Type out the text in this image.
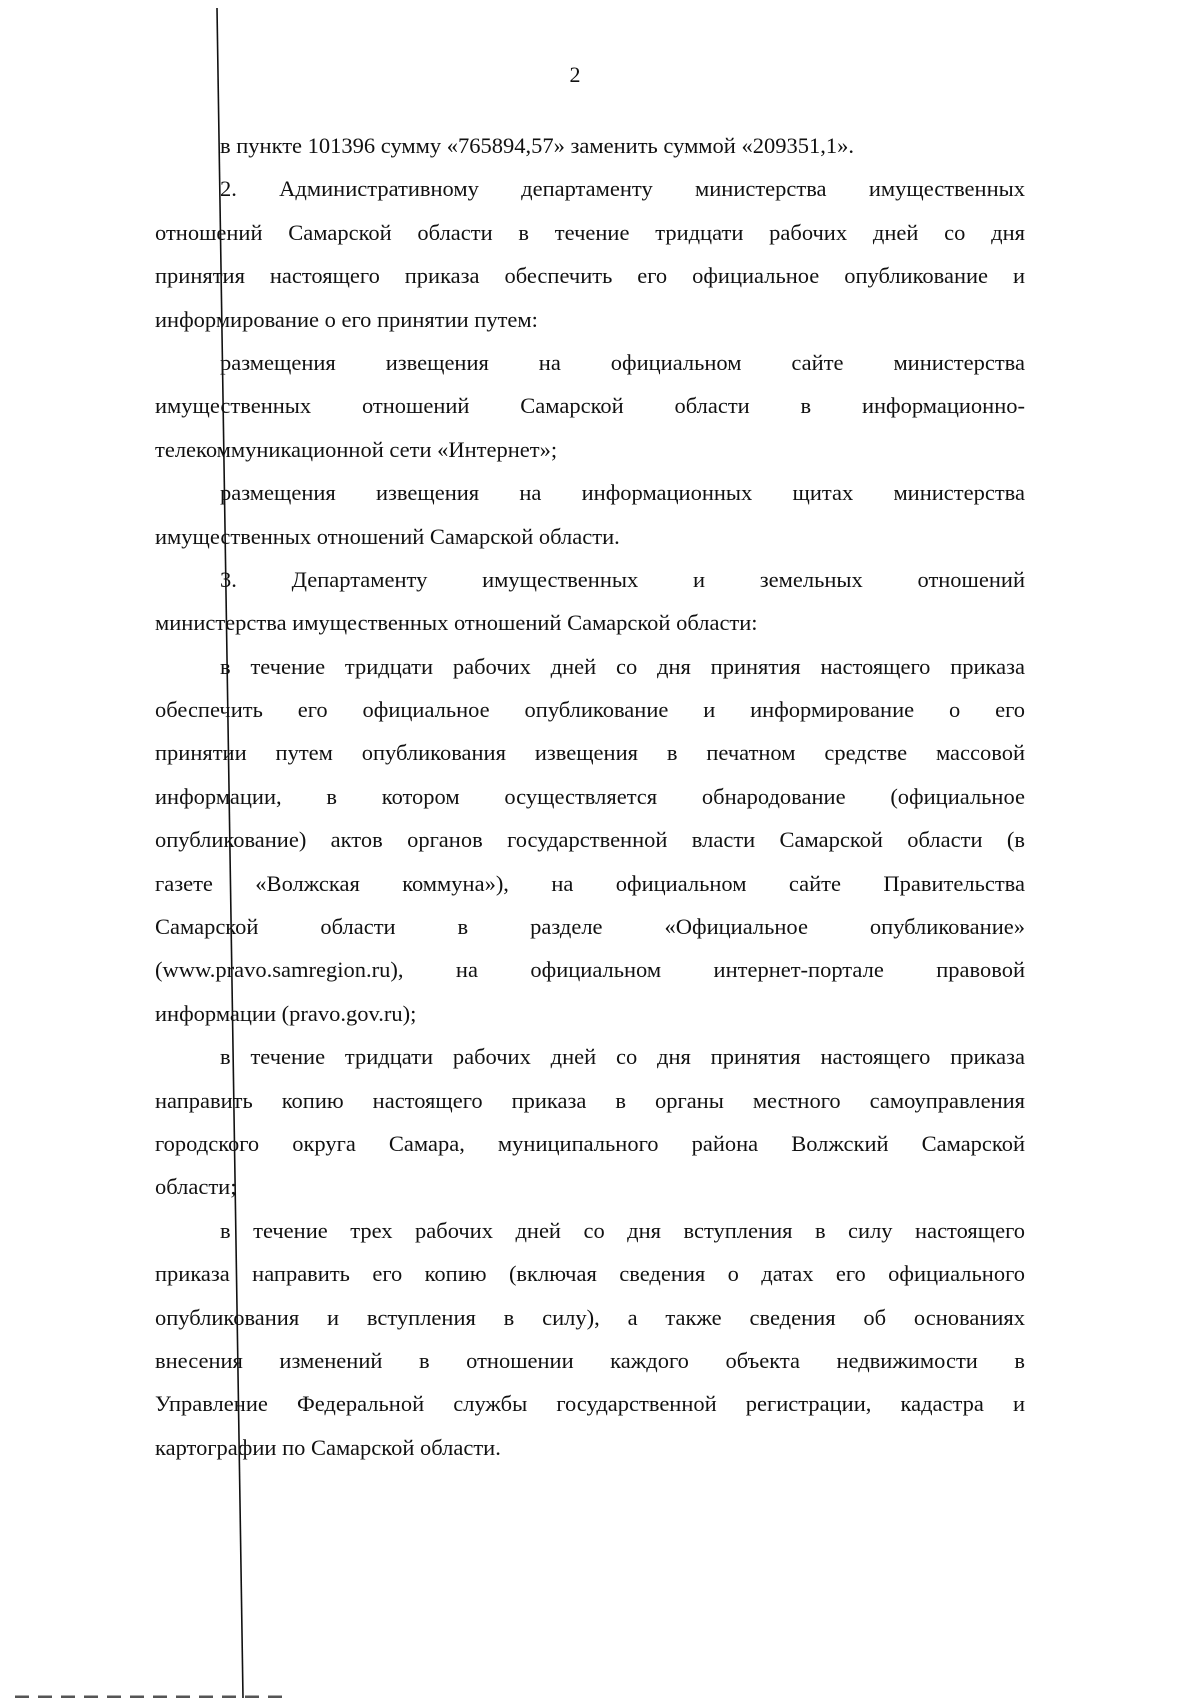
2
в пункте 101396 сумму «765894,57» заменить суммой «209351,1».
2. Административному департаменту министерства имущественных
отношений Самарской области в течение тридцати рабочих дней со дня
принятия настоящего приказа обеспечить его официальное опубликование и
информирование о его принятии путем:
размещения извещения на официальном сайте министерства
имущественных отношений Самарской области в информационно-
телекоммуникационной сети «Интернет»;
размещения извещения на информационных щитах министерства
имущественных отношений Самарской области.
3. Департаменту имущественных и земельных отношений
министерства имущественных отношений Самарской области:
в течение тридцати рабочих дней со дня принятия настоящего приказа
обеспечить его официальное опубликование и информирование о его
принятии путем опубликования извещения в печатном средстве массовой
информации, в котором осуществляется обнародование (официальное
опубликование) актов органов государственной власти Самарской области (в
газете «Волжская коммуна»), на официальном сайте Правительства
Самарской области в разделе «Официальное опубликование»
(www.pravo.samregion.ru), на официальном интернет-портале правовой
информации (pravo.gov.ru);
в течение тридцати рабочих дней со дня принятия настоящего приказа
направить копию настоящего приказа в органы местного самоуправления
городского округа Самара, муниципального района Волжский Самарской
области;
в течение трех рабочих дней со дня вступления в силу настоящего
приказа направить его копию (включая сведения о датах его официального
опубликования и вступления в силу), а также сведения об основаниях
внесения изменений в отношении каждого объекта недвижимости в
Управление Федеральной службы государственной регистрации, кадастра и
картографии по Самарской области.
